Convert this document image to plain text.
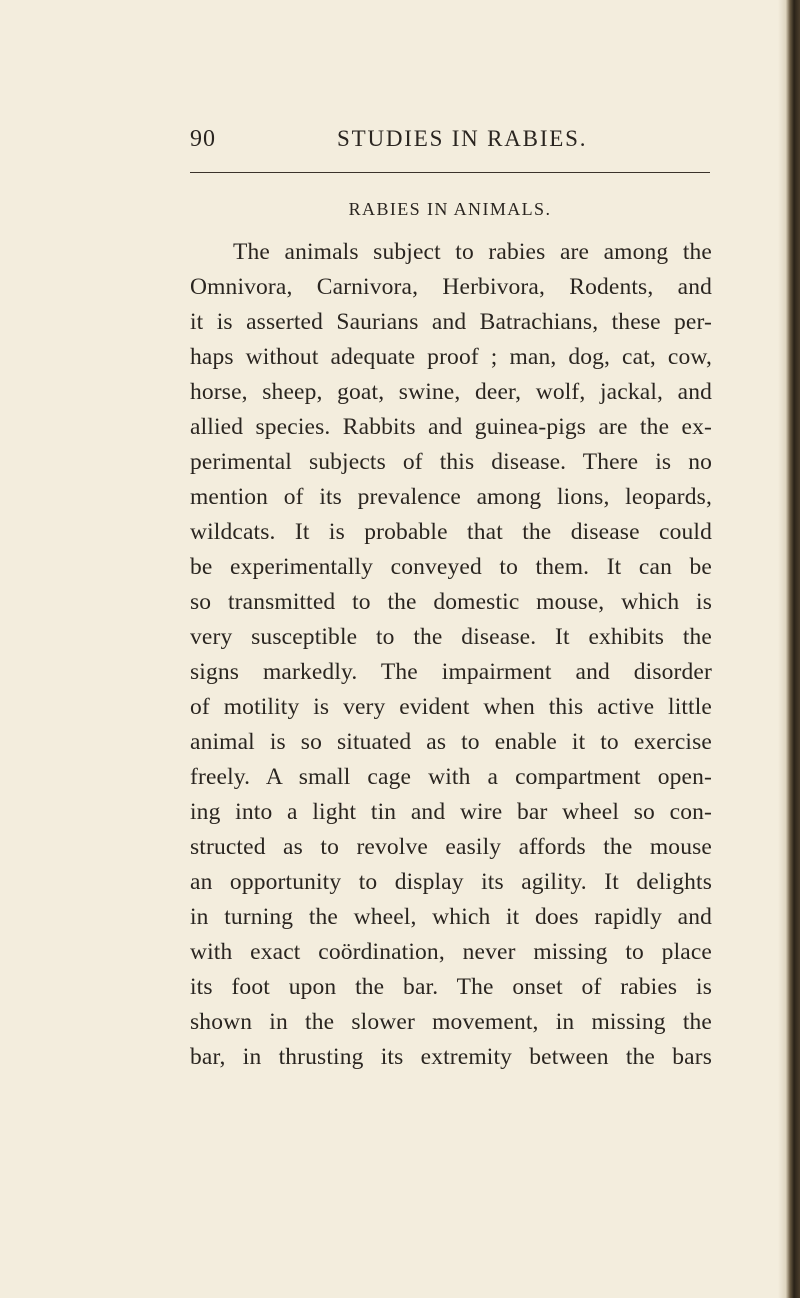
90	STUDIES IN RABIES.
RABIES IN ANIMALS.
The animals subject to rabies are among the
Omnivora, Carnivora, Herbivora, Rodents, and
it is asserted Saurians and Batrachians, these per-
haps without adequate proof ; man, dog, cat, cow,
horse, sheep, goat, swine, deer, wolf, jackal, and
allied species. Rabbits and guinea-pigs are the ex-
perimental subjects of this disease. There is no
mention of its prevalence among lions, leopards,
wildcats. It is probable that the disease could
be experimentally conveyed to them. It can be
so transmitted to the domestic mouse, which is
very susceptible to the disease. It exhibits the
signs markedly. The impairment and disorder
of motility is very evident when this active little
animal is so situated as to enable it to exercise
freely. A small cage with a compartment open-
ing into a light tin and wire bar wheel so con-
structed as to revolve easily affords the mouse
an opportunity to display its agility. It delights
in turning the wheel, which it does rapidly and
with exact coördination, never missing to place
its foot upon the bar. The onset of rabies is
shown in the slower movement, in missing the
bar, in thrusting its extremity between the bars
